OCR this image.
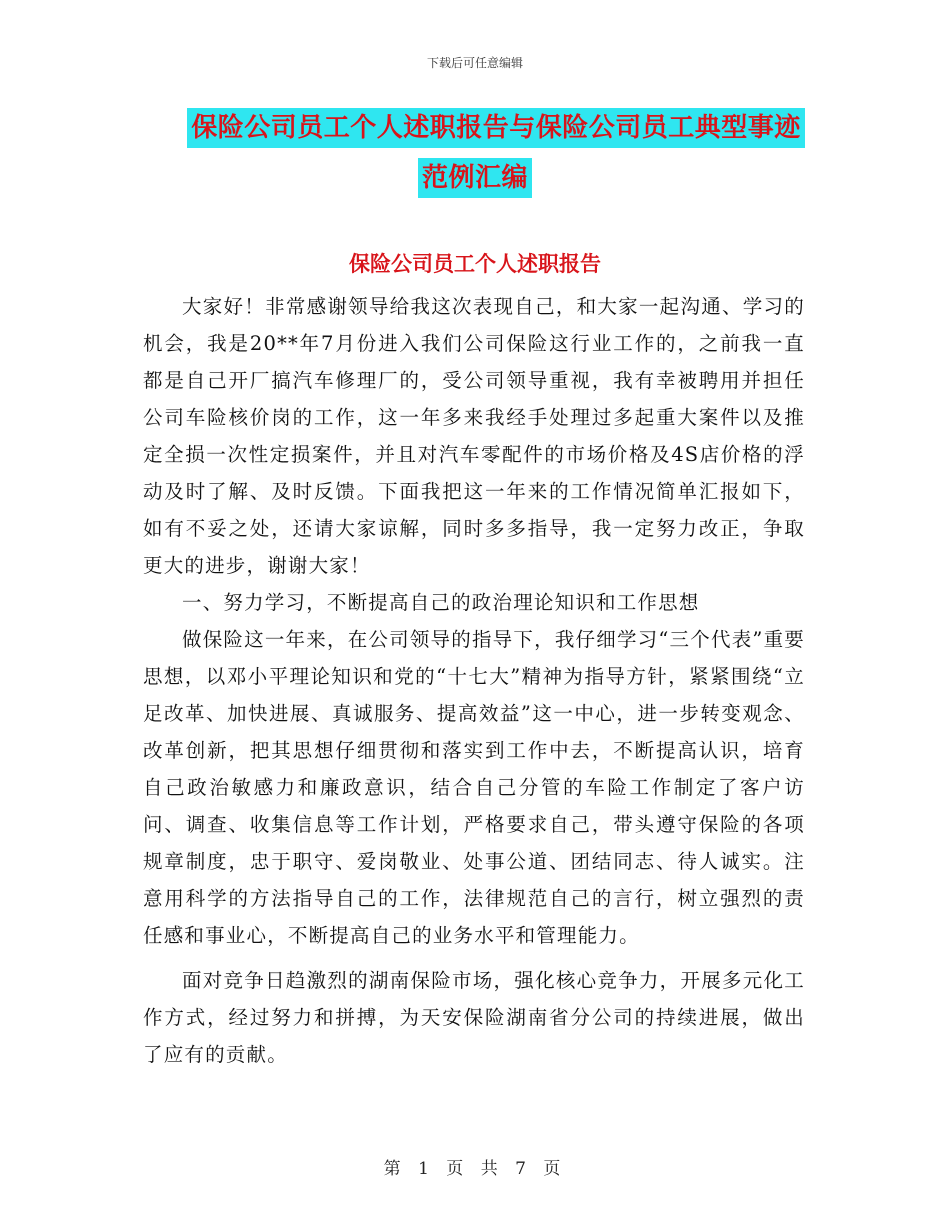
下载后可任意编辑
保险公司员工个人述职报告与保险公司员工典型事迹
范例汇编
保险公司员工个人述职报告

大家好！非常感谢领导给我这次表现自己，和大家一起沟通、学习的机会，我是20**年7月份进入我们公司保险这行业工作的，之前我一直都是自己开厂搞汽车修理厂的，受公司领导重视，我有幸被聘用并担任公司车险核价岗的工作，这一年多来我经手处理过多起重大案件以及推定全损一次性定损案件，并且对汽车零配件的市场价格及4S店价格的浮动及时了解、及时反馈。下面我把这一年来的工作情况简单汇报如下，如有不妥之处，还请大家谅解，同时多多指导，我一定努力改正，争取更大的进步，谢谢大家！

一、努力学习，不断提高自己的政治理论知识和工作思想

做保险这一年来，在公司领导的指导下，我仔细学习“三个代表”重要思想，以邓小平理论知识和党的“十七大”精神为指导方针，紧紧围绕“立足改革、加快进展、真诚服务、提高效益”这一中心，进一步转变观念、改革创新，把其思想仔细贯彻和落实到工作中去，不断提高认识，培育自己政治敏感力和廉政意识，结合自己分管的车险工作制定了客户访问、调查、收集信息等工作计划，严格要求自己，带头遵守保险的各项规章制度，忠于职守、爱岗敬业、处事公道、团结同志、待人诚实。注意用科学的方法指导自己的工作，法律规范自己的言行，树立强烈的责任感和事业心，不断提高自己的业务水平和管理能力。

面对竞争日趋激烈的湖南保险市场，强化核心竞争力，开展多元化工作方式，经过努力和拼搏，为天安保险湖南省分公司的持续进展，做出了应有的贡献。

第 1 页 共 7 页
